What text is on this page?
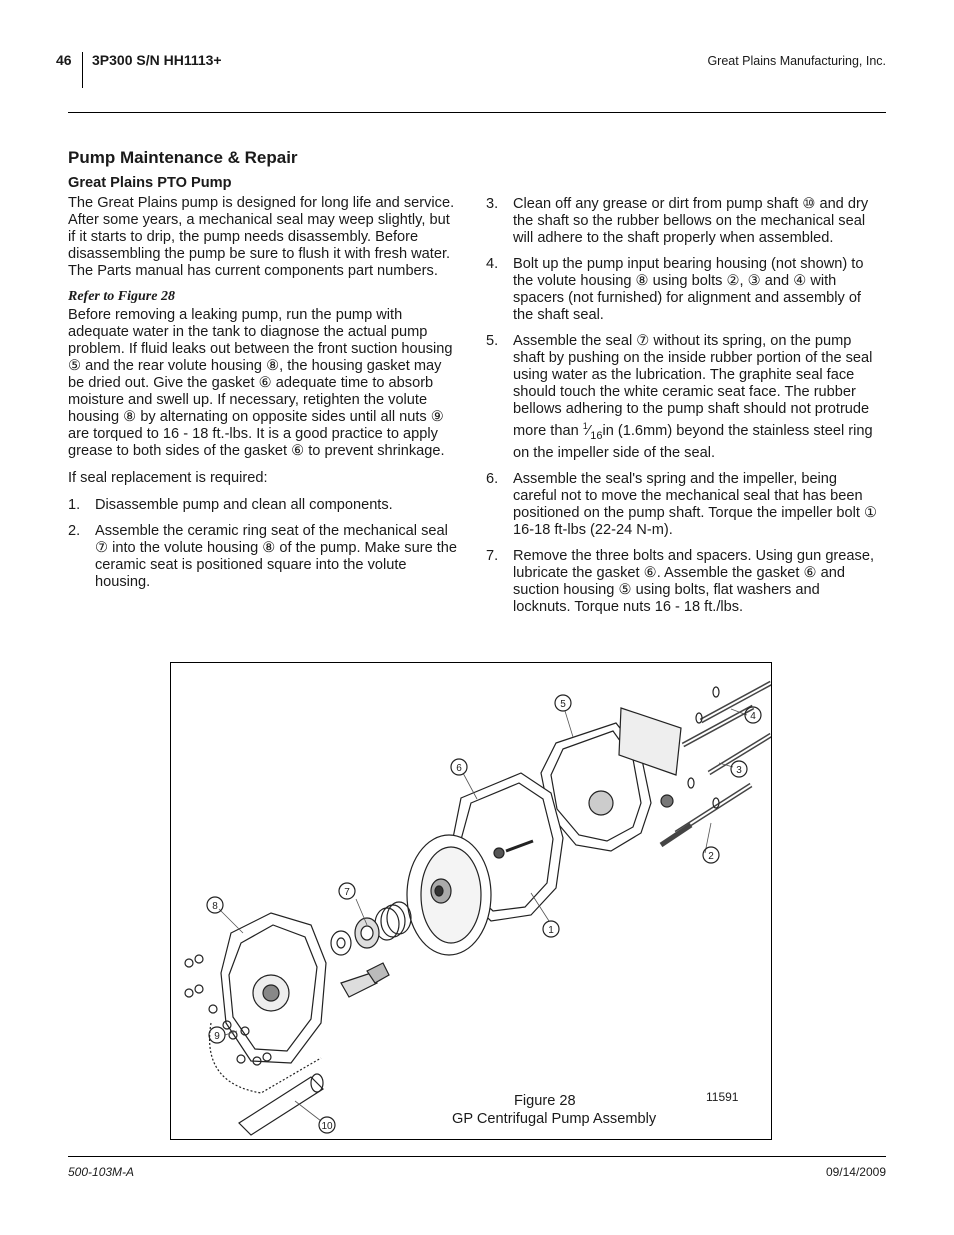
46 3P300 S/N HH1113+	Great Plains Manufacturing, Inc.
Pump Maintenance & Repair
Great Plains PTO Pump

The Great Plains pump is designed for long life and service. After some years, a mechanical seal may weep slightly, but if it starts to drip, the pump needs disassembly. Before disassembling the pump be sure to flush it with fresh water. The Parts manual has current components part numbers.

Refer to Figure 28

Before removing a leaking pump, run the pump with adequate water in the tank to diagnose the actual pump problem. If fluid leaks out between the front suction housing ⑤ and the rear volute housing ⑧, the housing gasket may be dried out. Give the gasket ⑥ adequate time to absorb moisture and swell up. If necessary, retighten the volute housing ⑧ by alternating on opposite sides until all nuts ⑨ are torqued to 16 - 18 ft.-lbs. It is a good practice to apply grease to both sides of the gasket ⑥ to prevent shrinkage.

If seal replacement is required:

1.	Disassemble pump and clean all components.
2.	Assemble the ceramic ring seat of the mechanical seal ⑦ into the volute housing ⑧ of the pump. Make sure the ceramic seat is positioned square into the volute housing.
3.	Clean off any grease or dirt from pump shaft ⑩ and dry the shaft so the rubber bellows on the mechanical seal will adhere to the shaft properly when assembled.
4.	Bolt up the pump input bearing housing (not shown) to the volute housing ⑧ using bolts ②, ③ and ④ with spacers (not furnished) for alignment and assembly of the shaft seal.
5.	Assemble the seal ⑦ without its spring, on the pump shaft by pushing on the inside rubber portion of the seal using water as the lubrication. The graphite seal face should touch the white ceramic seat face. The rubber bellows adhering to the pump shaft should not protrude more than $^1⁄_{16}in$ (1.6mm) beyond the stainless steel ring on the impeller side of the seal.
6.	Assemble the seal's spring and the impeller, being careful not to move the mechanical seal that has been positioned on the pump shaft. Torque the impeller bolt ① 16-18 ft-lbs (22-24 N-m).
7.	Remove the three bolts and spacers. Using gun grease, lubricate the gasket ⑥. Assemble the gasket ⑥ and suction housing ⑤ using bolts, flat washers and locknuts. Torque nuts 16 - 18 ft./lbs.
5
6
7
8
9
10
1
4
3
2
Figure 28
GP Centrifugal Pump Assembly
11591
500-103M-A	09/14/2009
